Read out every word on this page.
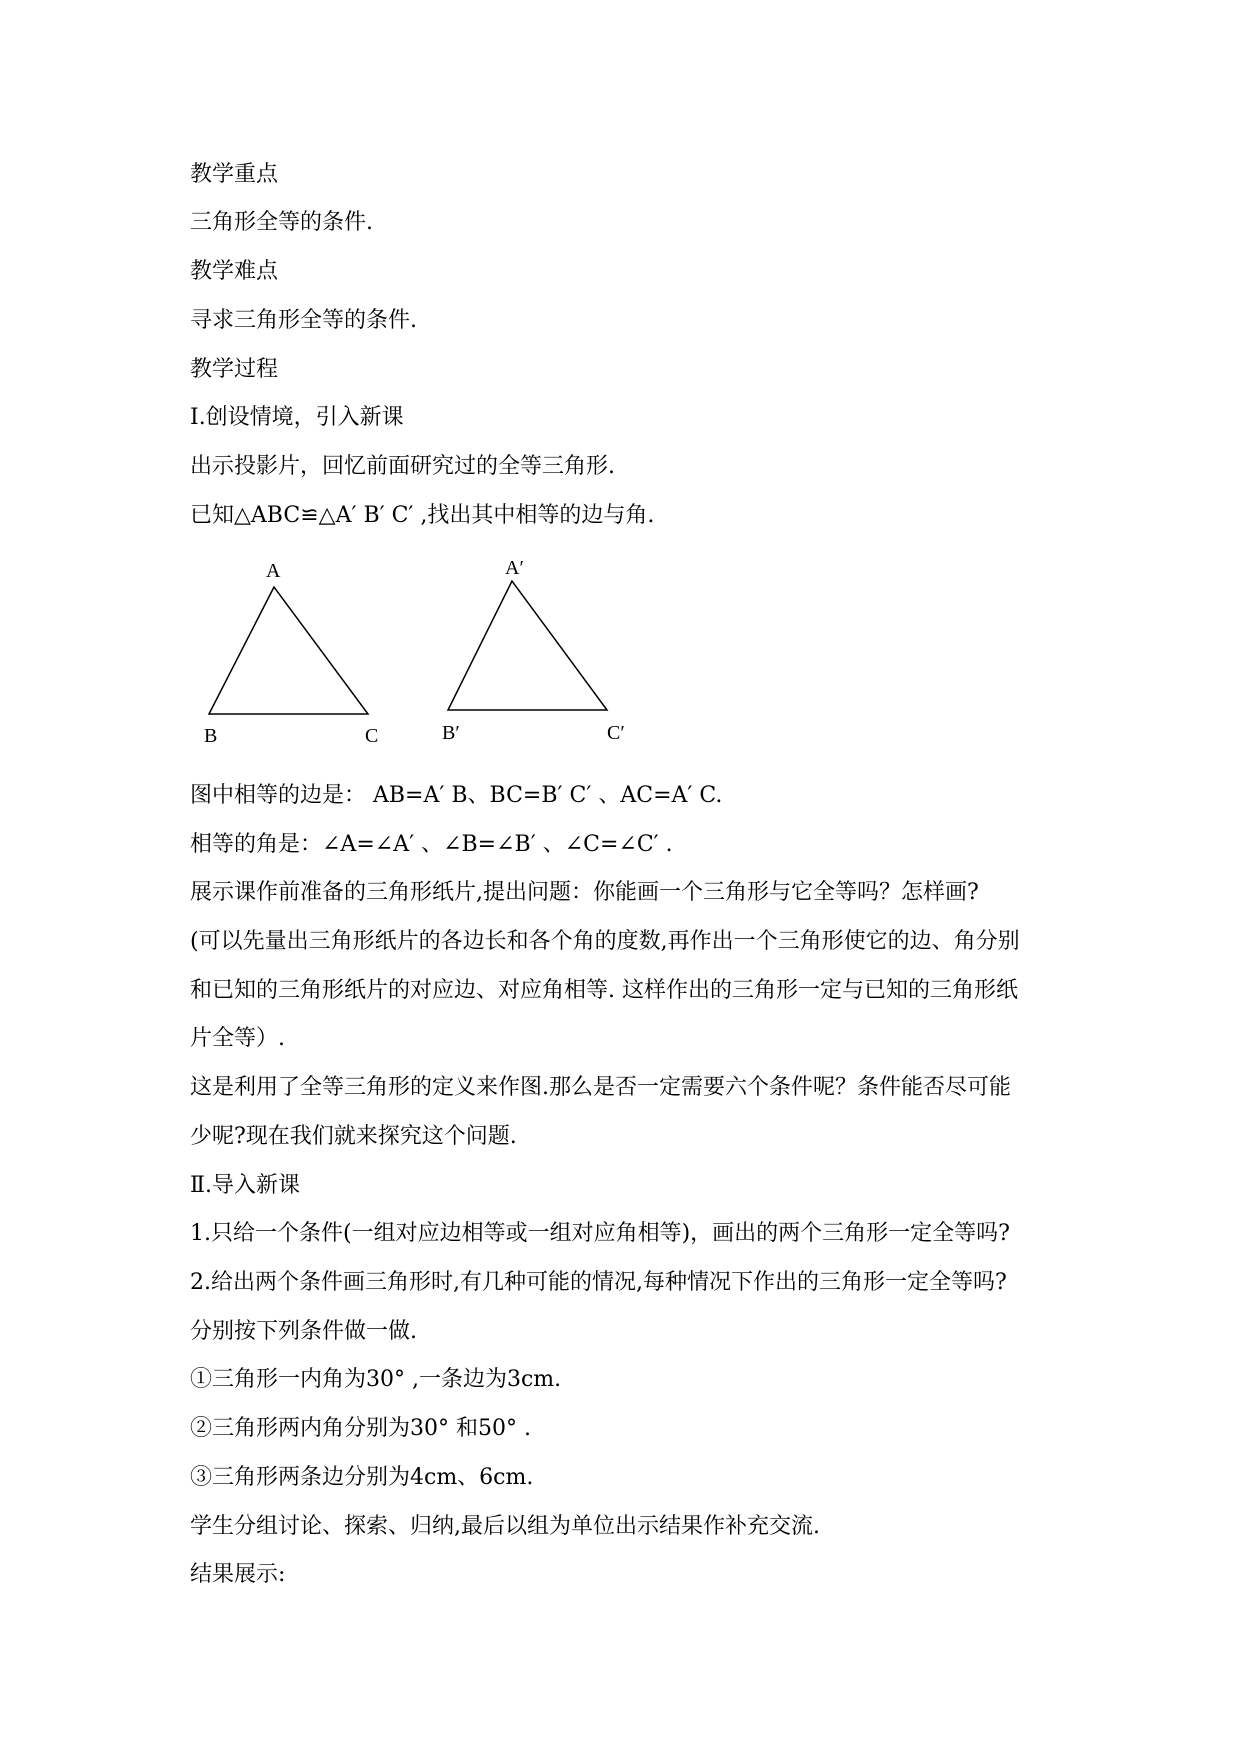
教学重点
三角形全等的条件.
教学难点
寻求三角形全等的条件.
教学过程
Ⅰ.创设情境，引入新课
出示投影片，回忆前面研究过的全等三角形.
已知△ABC≌△A′ B′ C′ ,找出其中相等的边与角.
A
B	C
A′
B′	C′
图中相等的边是： AB=A′ B、BC=B′ C′ 、AC=A′ C.
相等的角是：∠A=∠A′ 、∠B=∠B′ 、∠C=∠C′ .
展示课作前准备的三角形纸片,提出问题：你能画一个三角形与它全等吗？怎样画?
(可以先量出三角形纸片的各边长和各个角的度数,再作出一个三角形使它的边、角分别
和已知的三角形纸片的对应边、对应角相等. 这样作出的三角形一定与已知的三角形纸
片全等）.
这是利用了全等三角形的定义来作图.那么是否一定需要六个条件呢？条件能否尽可能
少呢?现在我们就来探究这个问题.
Ⅱ.导入新课
1.只给一个条件(一组对应边相等或一组对应角相等)，画出的两个三角形一定全等吗?
2.给出两个条件画三角形时,有几种可能的情况,每种情况下作出的三角形一定全等吗?
分别按下列条件做一做.
①三角形一内角为30° ,一条边为3cm.
②三角形两内角分别为30° 和50° .
③三角形两条边分别为4cm、6cm.
学生分组讨论、探索、归纳,最后以组为单位出示结果作补充交流.
结果展示:
